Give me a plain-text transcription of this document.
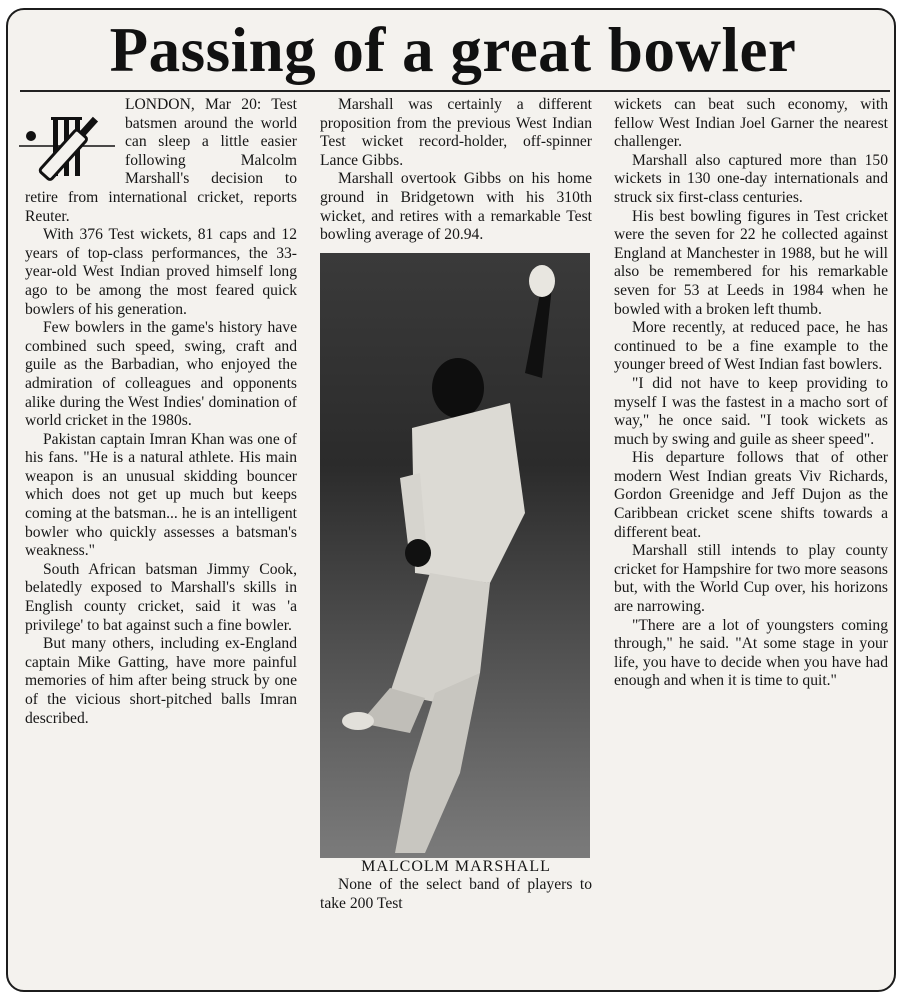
Passing of a great bowler

LONDON, Mar 20: Test batsmen around the world can sleep a little easier following Malcolm Marshall's decision to retire from international cricket, reports Reuter.

With 376 Test wickets, 81 caps and 12 years of top-class performances, the 33-year-old West Indian proved himself long ago to be among the most feared quick bowlers of his generation.

Few bowlers in the game's history have combined such speed, swing, craft and guile as the Barbadian, who enjoyed the admiration of colleagues and opponents alike during the West Indies' domination of world cricket in the 1980s.

Pakistan captain Imran Khan was one of his fans. "He is a natural athlete. His main weapon is an unusual skidding bouncer which does not get up much but keeps coming at the batsman... he is an intelligent bowler who quickly assesses a batsman's weakness."

South African batsman Jimmy Cook, belatedly exposed to Marshall's skills in English county cricket, said it was 'a privilege' to bat against such a fine bowler.

But many others, including ex-England captain Mike Gatting, have more painful memories of him after being struck by one of the vicious short-pitched balls Imran described.

Marshall was certainly a different proposition from the previous West Indian Test wicket record-holder, off-spinner Lance Gibbs.

Marshall overtook Gibbs on his home ground in Bridgetown with his 310th wicket, and retires with a remarkable Test bowling average of 20.94.

MALCOLM MARSHALL

None of the select band of players to take 200 Test

wickets can beat such economy, with fellow West Indian Joel Garner the nearest challenger.

Marshall also captured more than 150 wickets in 130 one-day internationals and struck six first-class centuries.

His best bowling figures in Test cricket were the seven for 22 he collected against England at Manchester in 1988, but he will also be remembered for his remarkable seven for 53 at Leeds in 1984 when he bowled with a broken left thumb.

More recently, at reduced pace, he has continued to be a fine example to the younger breed of West Indian fast bowlers.

"I did not have to keep providing to myself I was the fastest in a macho sort of way," he once said. "I took wickets as much by swing and guile as sheer speed".

His departure follows that of other modern West Indian greats Viv Richards, Gordon Greenidge and Jeff Dujon as the Caribbean cricket scene shifts towards a different beat.

Marshall still intends to play county cricket for Hampshire for two more seasons but, with the World Cup over, his horizons are narrowing.

"There are a lot of youngsters coming through," he said. "At some stage in your life, you have to decide when you have had enough and when it is time to quit."
